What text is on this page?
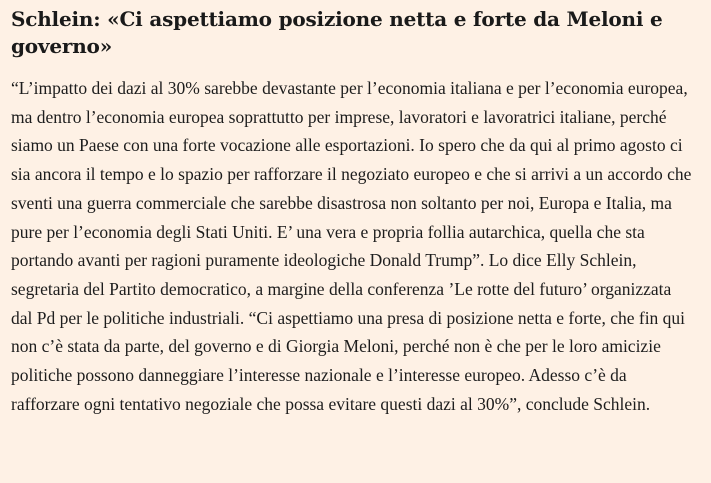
Schlein: «Ci aspettiamo posizione netta e forte da Meloni e governo»

“L’impatto dei dazi al 30% sarebbe devastante per l’economia italiana e per l’economia europea, ma dentro l’economia europea soprattutto per imprese, lavoratori e lavoratrici italiane, perché siamo un Paese con una forte vocazione alle esportazioni. Io spero che da qui al primo agosto ci sia ancora il tempo e lo spazio per rafforzare il negoziato europeo e che si arrivi a un accordo che sventi una guerra commerciale che sarebbe disastrosa non soltanto per noi, Europa e Italia, ma pure per l’economia degli Stati Uniti. E’ una vera e propria follia autarchica, quella che sta portando avanti per ragioni puramente ideologiche Donald Trump”. Lo dice Elly Schlein, segretaria del Partito democratico, a margine della conferenza ’Le rotte del futuro’ organizzata dal Pd per le politiche industriali. “Ci aspettiamo una presa di posizione netta e forte, che fin qui non c’è stata da parte, del governo e di Giorgia Meloni, perché non è che per le loro amicizie politiche possono danneggiare l’interesse nazionale e l’interesse europeo. Adesso c’è da rafforzare ogni tentativo negoziale che possa evitare questi dazi al 30%”, conclude Schlein.
